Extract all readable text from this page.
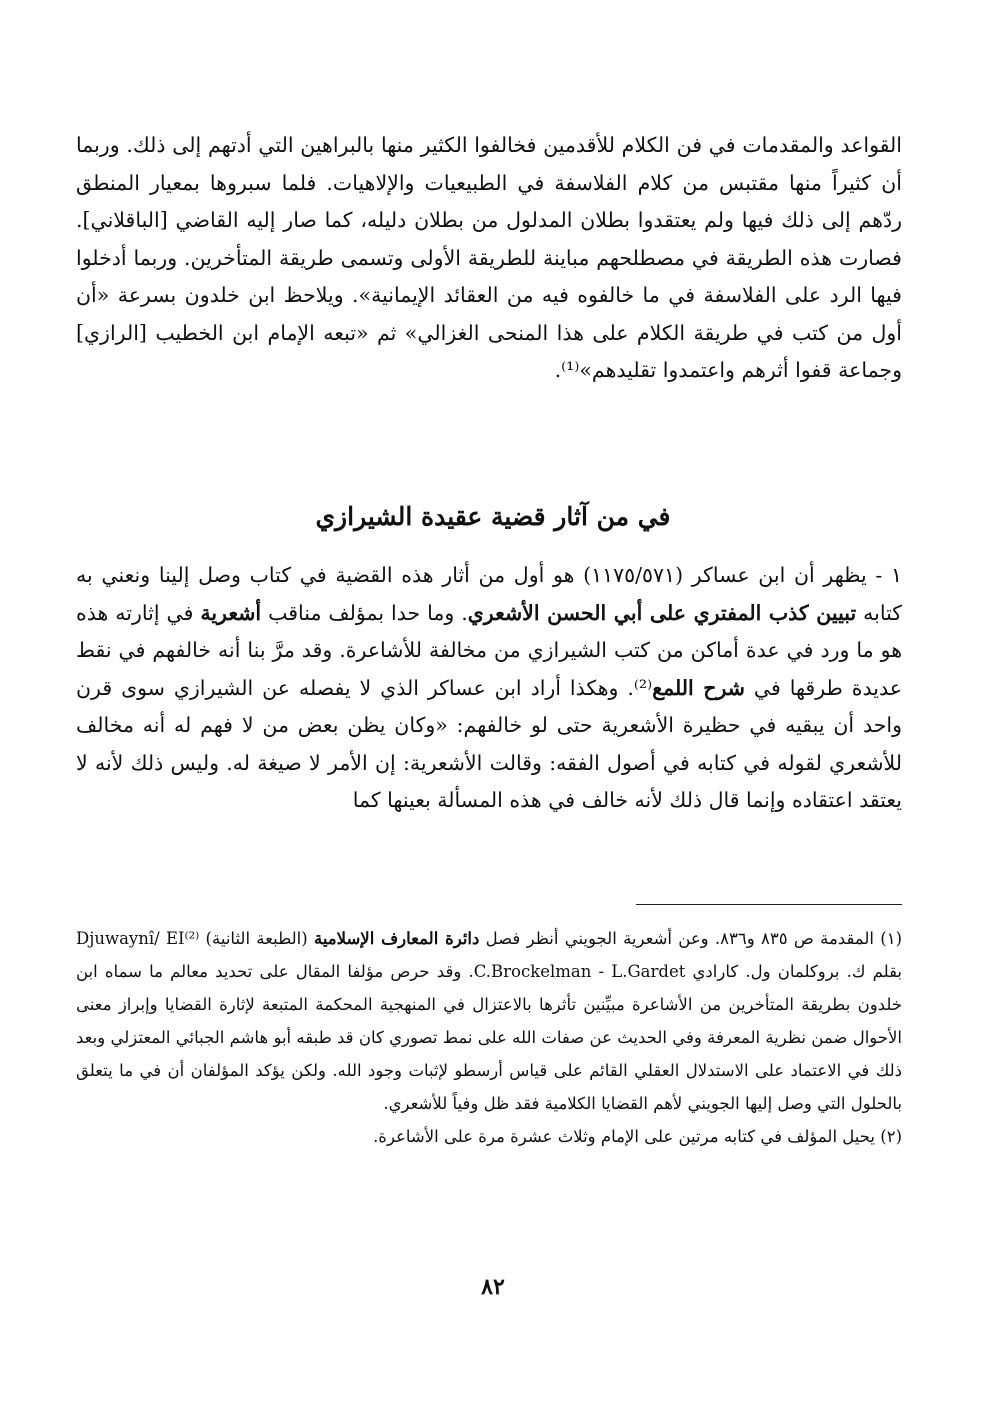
القواعد والمقدمات في فن الكلام للأقدمين فخالفوا الكثير منها بالبراهين التي أدتهم إلى ذلك. وربما أن كثيراً منها مقتبس من كلام الفلاسفة في الطبيعيات والإلاهيات. فلما سبروها بمعيار المنطق ردّهم إلى ذلك فيها ولم يعتقدوا بطلان المدلول من بطلان دليله، كما صار إليه القاضي [الباقلاني]. فصارت هذه الطريقة في مصطلحهم مباينة للطريقة الأولى وتسمى طريقة المتأخرين. وربما أدخلوا فيها الرد على الفلاسفة في ما خالفوه فيه من العقائد الإيمانية». ويلاحظ ابن خلدون بسرعة «أن أول من كتب في طريقة الكلام على هذا المنحى الغزالي» ثم «تبعه الإمام ابن الخطيب [الرازي] وجماعة قفوا أثرهم واعتمدوا تقليدهم»⁽¹⁾.

في من آثار قضية عقيدة الشيرازي

١ - يظهر أن ابن عساكر (١١٧٥/٥٧١) هو أول من أثار هذه القضية في كتاب وصل إلينا ونعني به كتابه تبيين كذب المفتري على أبي الحسن الأشعري. وما حدا بمؤلف مناقب أشعرية في إثارته هذه هو ما ورد في عدة أماكن من كتب الشيرازي من مخالفة للأشاعرة. وقد مرَّ بنا أنه خالفهم في نقط عديدة طرقها في شرح اللمع⁽²⁾. وهكذا أراد ابن عساكر الذي لا يفصله عن الشيرازي سوى قرن واحد أن يبقيه في حظيرة الأشعرية حتى لو خالفهم: «وكان يظن بعض من لا فهم له أنه مخالف للأشعري لقوله في كتابه في أصول الفقه: وقالت الأشعرية: إن الأمر لا صيغة له. وليس ذلك لأنه لا يعتقد اعتقاده وإنما قال ذلك لأنه خالف في هذه المسألة بعينها كما

(١) المقدمة ص ٨٣٥ و٨٣٦. وعن أشعرية الجويني أنظر فصل دائرة المعارف الإسلامية (الطبعة الثانية) Djuwaynî/ EI⁽²⁾ بقلم ك. بروكلمان ول. كارادي C.Brockelman - L.Gardet. وقد حرص مؤلفا المقال على تحديد معالم ما سماه ابن خلدون بطريقة المتأخرين من الأشاعرة مبيِّنين تأثرها بالاعتزال في المنهجية المحكمة المتبعة لإثارة القضايا وإبراز معنى الأحوال ضمن نظرية المعرفة وفي الحديث عن صفات الله على نمط تصوري كان قد طبقه أبو هاشم الجبائي المعتزلي وبعد ذلك في الاعتماد على الاستدلال العقلي القائم على قياس أرسطو لإثبات وجود الله. ولكن يؤكد المؤلفان أن في ما يتعلق بالحلول التي وصل إليها الجويني لأهم القضايا الكلامية فقد ظل وفياً للأشعري.

(٢) يحيل المؤلف في كتابه مرتين على الإمام وثلاث عشرة مرة على الأشاعرة.

٨٢
